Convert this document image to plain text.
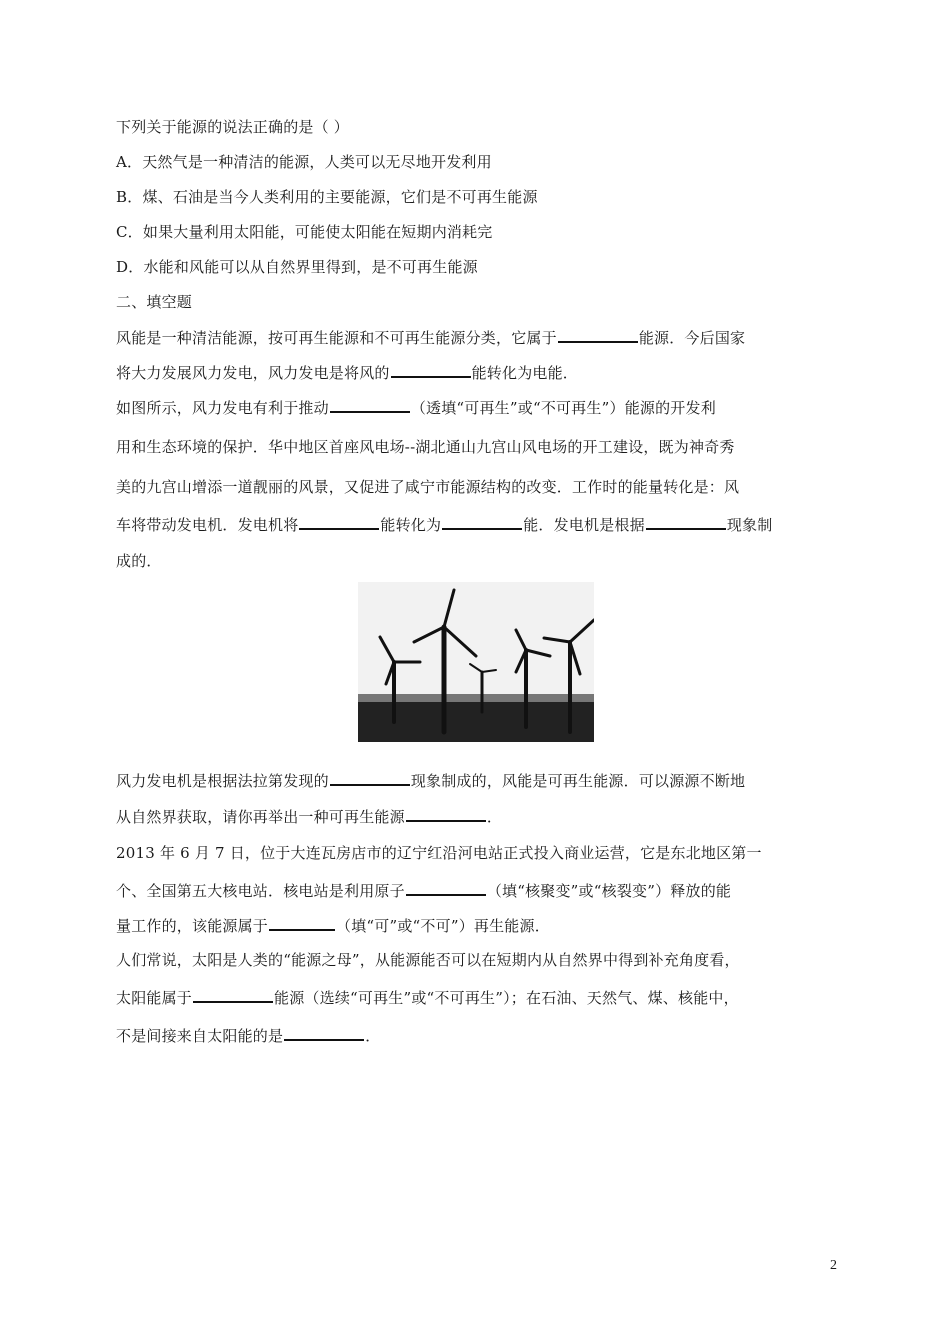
下列关于能源的说法正确的是（ ）
A．天然气是一种清洁的能源，人类可以无尽地开发利用
B．煤、石油是当今人类利用的主要能源，它们是不可再生能源
C．如果大量利用太阳能，可能使太阳能在短期内消耗完
D．水能和风能可以从自然界里得到，是不可再生能源
二、填空题
风能是一种清洁能源，按可再生能源和不可再生能源分类，它属于	能源．今后国家
将大力发展风力发电，风力发电是将风的	能转化为电能．
如图所示，风力发电有利于推动	（透填“可再生”或“不可再生”）能源的开发利
用和生态环境的保护．华中地区首座风电场--湖北通山九宫山风电场的开工建设，既为神奇秀
美的九宫山增添一道靓丽的风景，又促进了咸宁市能源结构的改变．工作时的能量转化是：风
车将带动发电机．发电机将	能转化为	能．发电机是根据	现象制
成的．
风力发电机是根据法拉第发现的	现象制成的，风能是可再生能源．可以源源不断地
从自然界获取，请你再举出一种可再生能源	．
2013 年 6 月 7 日，位于大连瓦房店市的辽宁红沿河电站正式投入商业运营，它是东北地区第一
个、全国第五大核电站．核电站是利用原子	（填“核聚变”或“核裂变”）释放的能
量工作的，该能源属于	（填“可”或“不可”）再生能源．
人们常说，太阳是人类的“能源之母”，从能源能否可以在短期内从自然界中得到补充角度看，
太阳能属于	能源（选续“可再生”或“不可再生”）；在石油、天然气、煤、核能中，
不是间接来自太阳能的是	．
2
